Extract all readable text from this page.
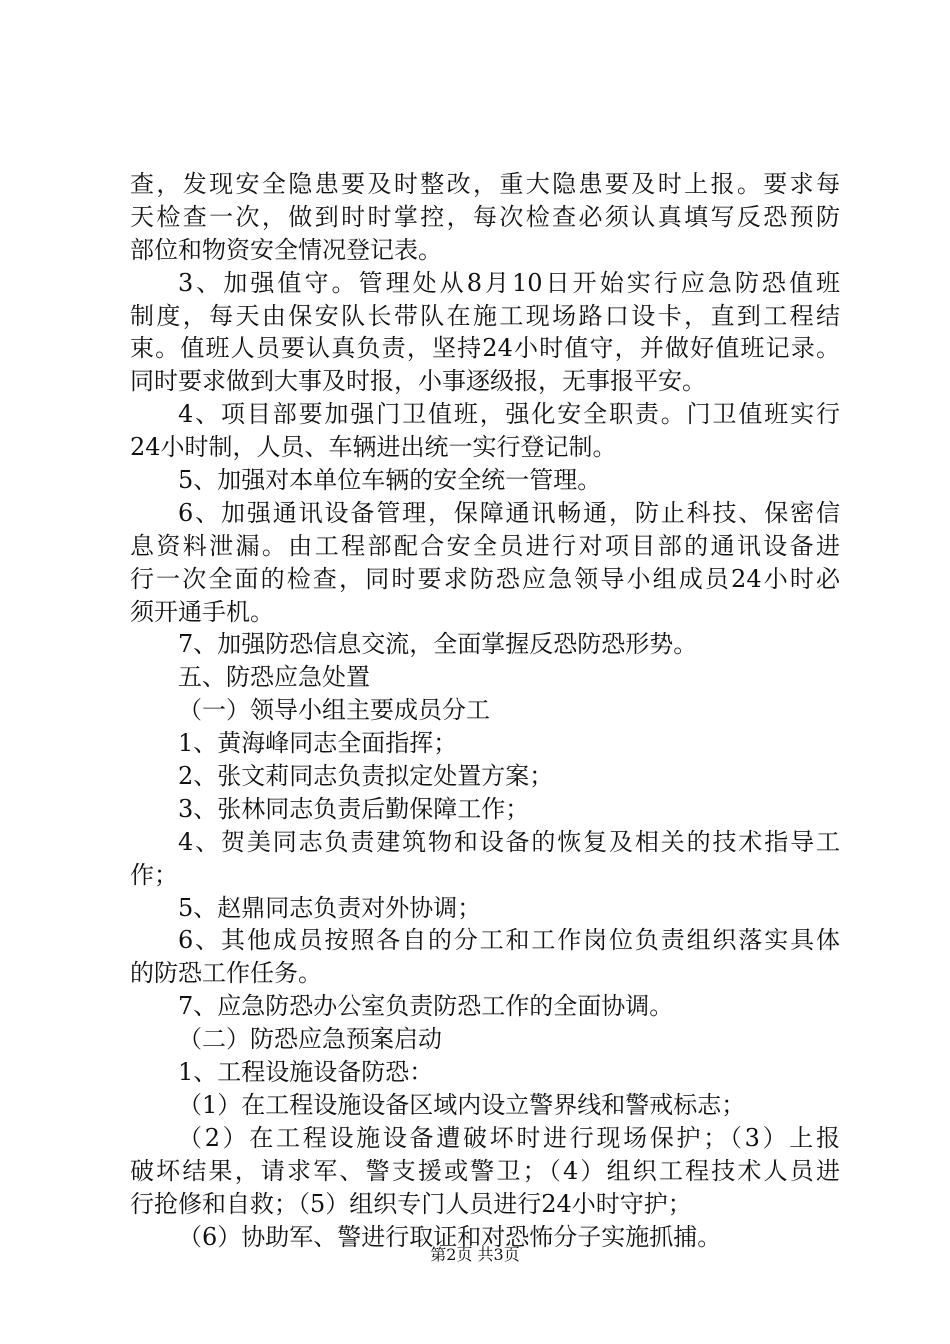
查，发现安全隐患要及时整改，重大隐患要及时上报。要求每
天检查一次，做到时时掌控，每次检查必须认真填写反恐预防
部位和物资安全情况登记表。
3、加强值守。管理处从8月10日开始实行应急防恐值班
制度，每天由保安队长带队在施工现场路口设卡，直到工程结
束。值班人员要认真负责，坚持24小时值守，并做好值班记录。
同时要求做到大事及时报，小事逐级报，无事报平安。
4、项目部要加强门卫值班，强化安全职责。门卫值班实行
24小时制，人员、车辆进出统一实行登记制。
5、加强对本单位车辆的安全统一管理。
6、加强通讯设备管理，保障通讯畅通，防止科技、保密信
息资料泄漏。由工程部配合安全员进行对项目部的通讯设备进
行一次全面的检查，同时要求防恐应急领导小组成员24小时必
须开通手机。
7、加强防恐信息交流，全面掌握反恐防恐形势。
五、防恐应急处置
（一）领导小组主要成员分工
1、黄海峰同志全面指挥；
2、张文莉同志负责拟定处置方案；
3、张林同志负责后勤保障工作；
4、贺美同志负责建筑物和设备的恢复及相关的技术指导工
作；
5、赵鼎同志负责对外协调；
6、其他成员按照各自的分工和工作岗位负责组织落实具体
的防恐工作任务。
7、应急防恐办公室负责防恐工作的全面协调。
（二）防恐应急预案启动
1、工程设施设备防恐：
（1）在工程设施设备区域内设立警界线和警戒标志；
（2）在工程设施设备遭破坏时进行现场保护；（3）上报
破坏结果，请求军、警支援或警卫；（4）组织工程技术人员进
行抢修和自救；（5）组织专门人员进行24小时守护；
（6）协助军、警进行取证和对恐怖分子实施抓捕。
第2页 共3页
